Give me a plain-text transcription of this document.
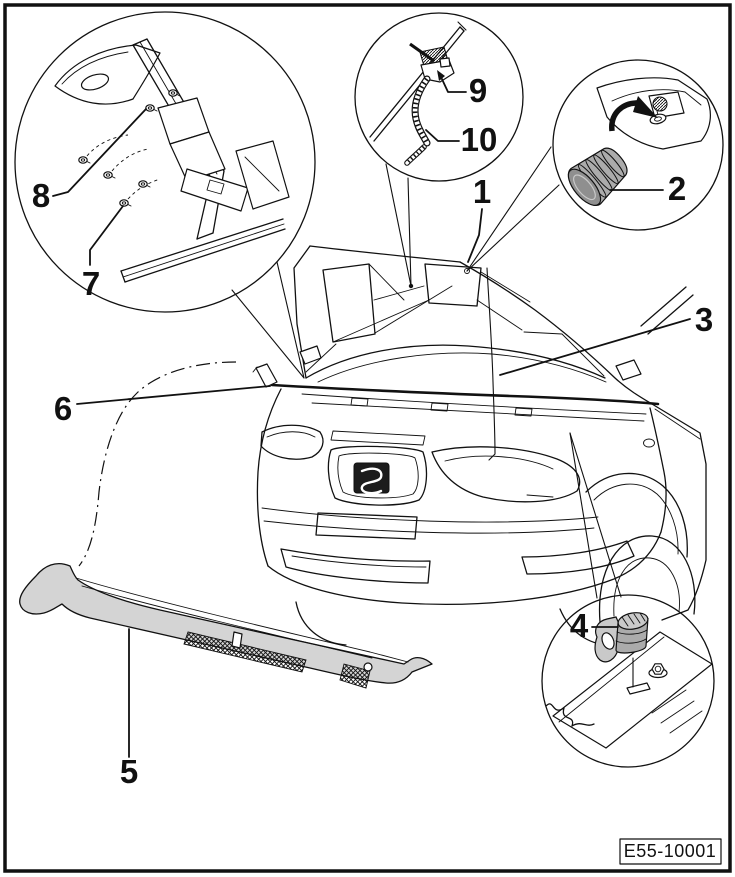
1	2
3
4
5
6
7
8
9
10
E55-10001
